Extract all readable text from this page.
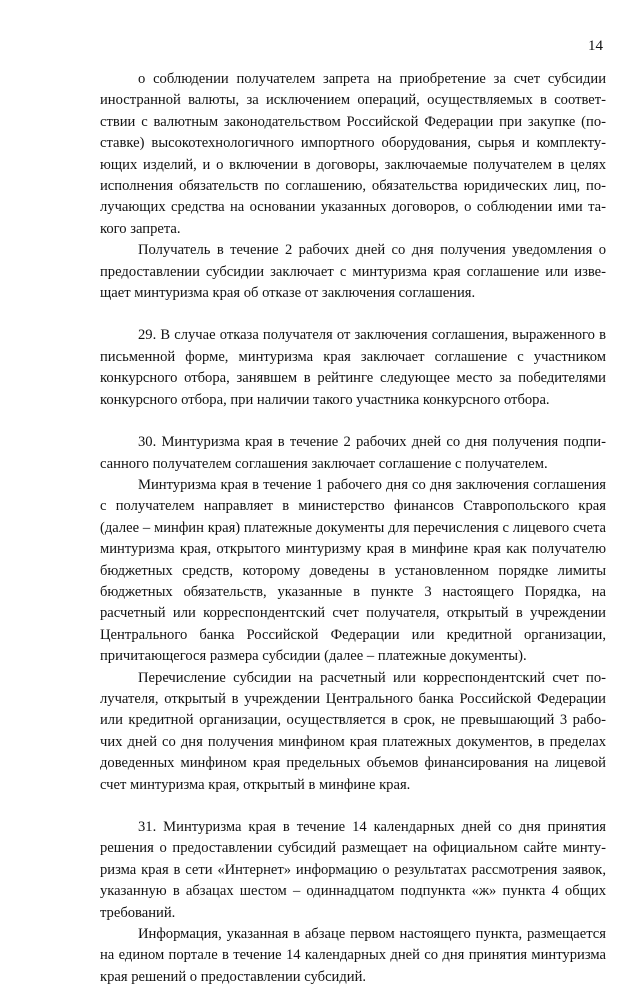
14

о соблюдении получателем запрета на приобретение за счет субсидии иностранной валюты, за исключением операций, осуществляемых в соответствии с валютным законодательством Российской Федерации при закупке (поставке) высокотехнологичного импортного оборудования, сырья и комплектующих изделий, и о включении в договоры, заключаемые получателем в целях исполнения обязательств по соглашению, обязательства юридических лиц, получающих средства на основании указанных договоров, о соблюдении ими такого запрета.

Получатель в течение 2 рабочих дней со дня получения уведомления о предоставлении субсидии заключает с минтуризма края соглашение или извещает минтуризма края об отказе от заключения соглашения.

29. В случае отказа получателя от заключения соглашения, выраженного в письменной форме, минтуризма края заключает соглашение с участником конкурсного отбора, занявшем в рейтинге следующее место за победителями конкурсного отбора, при наличии такого участника конкурсного отбора.

30. Минтуризма края в течение 2 рабочих дней со дня получения подписанного получателем соглашения заключает соглашение с получателем.

Минтуризма края в течение 1 рабочего дня со дня заключения соглашения с получателем направляет в министерство финансов Ставропольского края (далее – минфин края) платежные документы для перечисления с лицевого счета минтуризма края, открытого минтуризму края в минфине края как получателю бюджетных средств, которому доведены в установленном порядке лимиты бюджетных обязательств, указанные в пункте 3 настоящего Порядка, на расчетный или корреспондентский счет получателя, открытый в учреждении Центрального банка Российской Федерации или кредитной организации, причитающегося размера субсидии (далее – платежные документы).

Перечисление субсидии на расчетный или корреспондентский счет получателя, открытый в учреждении Центрального банка Российской Федерации или кредитной организации, осуществляется в срок, не превышающий 3 рабочих дней со дня получения минфином края платежных документов, в пределах доведенных минфином края предельных объемов финансирования на лицевой счет минтуризма края, открытый в минфине края.

31. Минтуризма края в течение 14 календарных дней со дня принятия решения о предоставлении субсидий размещает на официальном сайте минтуризма края в сети «Интернет» информацию о результатах рассмотрения заявок, указанную в абзацах шестом – одиннадцатом подпункта «ж» пункта 4 общих требований.

Информация, указанная в абзаце первом настоящего пункта, размещается на едином портале в течение 14 календарных дней со дня принятия минтуризма края решений о предоставлении субсидий.
